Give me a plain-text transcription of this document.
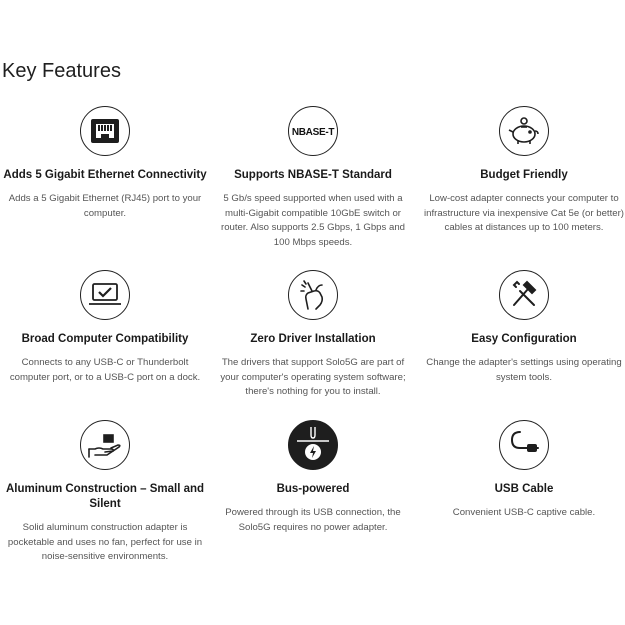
Key Features
Adds 5 Gigabit Ethernet Connectivity
Adds a 5 Gigabit Ethernet (RJ45) port to your computer.
NBASE-T
Supports NBASE-T Standard
5 Gb/s speed supported when used with a multi-Gigabit compatible 10GbE switch or router. Also supports 2.5 Gbps, 1 Gbps and 100 Mbps speeds.
Budget Friendly
Low-cost adapter connects your computer to infrastructure via inexpensive Cat 5e (or better) cables at distances up to 100 meters.
Broad Computer Compatibility
Connects to any USB-C or Thunderbolt computer port, or to a USB-C port on a dock.
Zero Driver Installation
The drivers that support Solo5G are part of your computer's operating system software; there's nothing for you to install.
Easy Configuration
Change the adapter's settings using operating system tools.
Aluminum Construction – Small and Silent
Solid aluminum construction adapter is pocketable and uses no fan, perfect for use in noise-sensitive environments.
Bus-powered
Powered through its USB connection, the Solo5G requires no power adapter.
USB Cable
Convenient USB-C captive cable.
